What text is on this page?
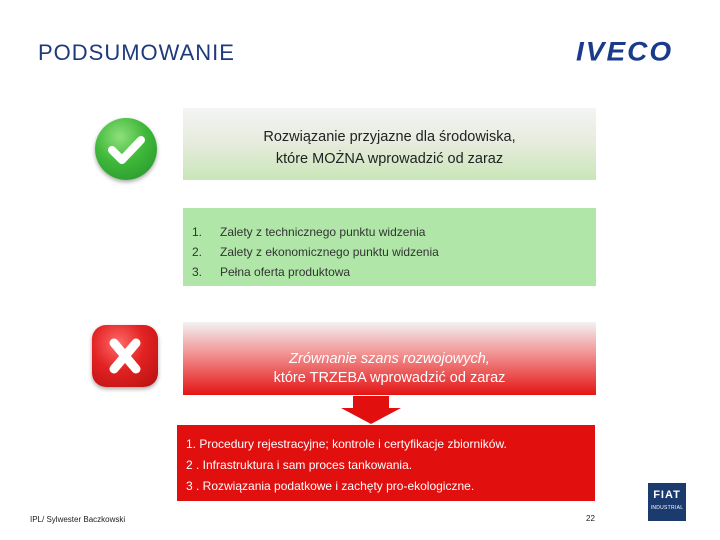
PODSUMOWANIE	IVECO
Rozwiązanie przyjazne dla środowiska,
które MOŻNA wprowadzić od zaraz
1.	Zalety z technicznego punktu widzenia
2.	Zalety z ekonomicznego punktu widzenia
3.	Pełna oferta produktowa
Zrównanie szans rozwojowych,
które TRZEBA wprowadzić od zaraz
1. Procedury rejestracyjne; kontrole i certyfikacje zbiorników.
2 . Infrastruktura i sam proces tankowania.
3 . Rozwiązania podatkowe i zachęty pro-ekologiczne.
IPL/ Sylwester Baczkowski	22
FIAT
INDUSTRIAL
